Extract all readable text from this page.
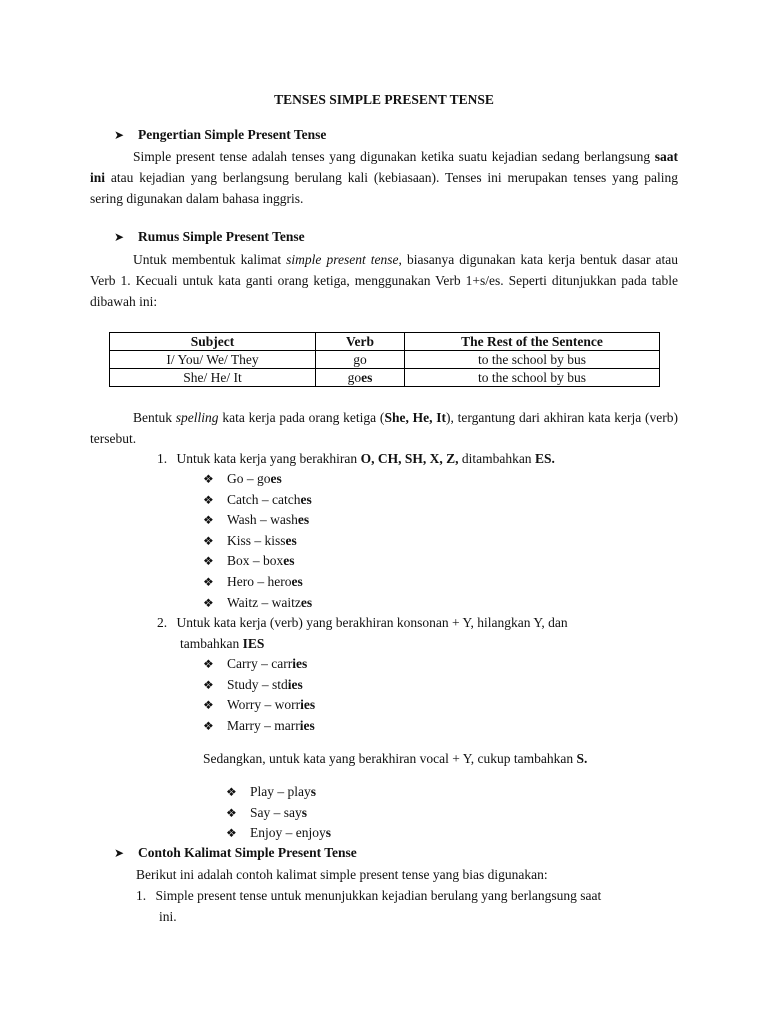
TENSES SIMPLE PRESENT TENSE
➤ Pengertian Simple Present Tense
Simple present tense adalah tenses yang digunakan ketika suatu kejadian sedang berlangsung saat ini atau kejadian yang berlangsung berulang kali (kebiasaan). Tenses ini merupakan tenses yang paling sering digunakan dalam bahasa inggris.
➤ Rumus Simple Present Tense
Untuk membentuk kalimat simple present tense, biasanya digunakan kata kerja bentuk dasar atau Verb 1. Kecuali untuk kata ganti orang ketiga, menggunakan Verb 1+s/es. Seperti ditunjukkan pada table dibawah ini:
Subject	Verb	The Rest of the Sentence
I/ You/ We/ They	go	to the school by bus
She/ He/ It	goes	to the school by bus
Bentuk spelling kata kerja pada orang ketiga (She, He, It), tergantung dari akhiran kata kerja (verb) tersebut.
1. Untuk kata kerja yang berakhiran O, CH, SH, X, Z, ditambahkan ES.
❖ Go – goes
❖ Catch – catches
❖ Wash – washes
❖ Kiss – kisses
❖ Box – boxes
❖ Hero – heroes
❖ Waitz – waitzes
2. Untuk kata kerja (verb) yang berakhiran konsonan + Y, hilangkan Y, dan
tambahkan IES
❖ Carry – carries
❖ Study – stdies
❖ Worry – worries
❖ Marry – marries
Sedangkan, untuk kata yang berakhiran vocal + Y, cukup tambahkan S.
❖ Play – plays
❖ Say – says
❖ Enjoy – enjoys
➤ Contoh Kalimat Simple Present Tense
Berikut ini adalah contoh kalimat simple present tense yang bias digunakan:
1. Simple present tense untuk menunjukkan kejadian berulang yang berlangsung saat
ini.
